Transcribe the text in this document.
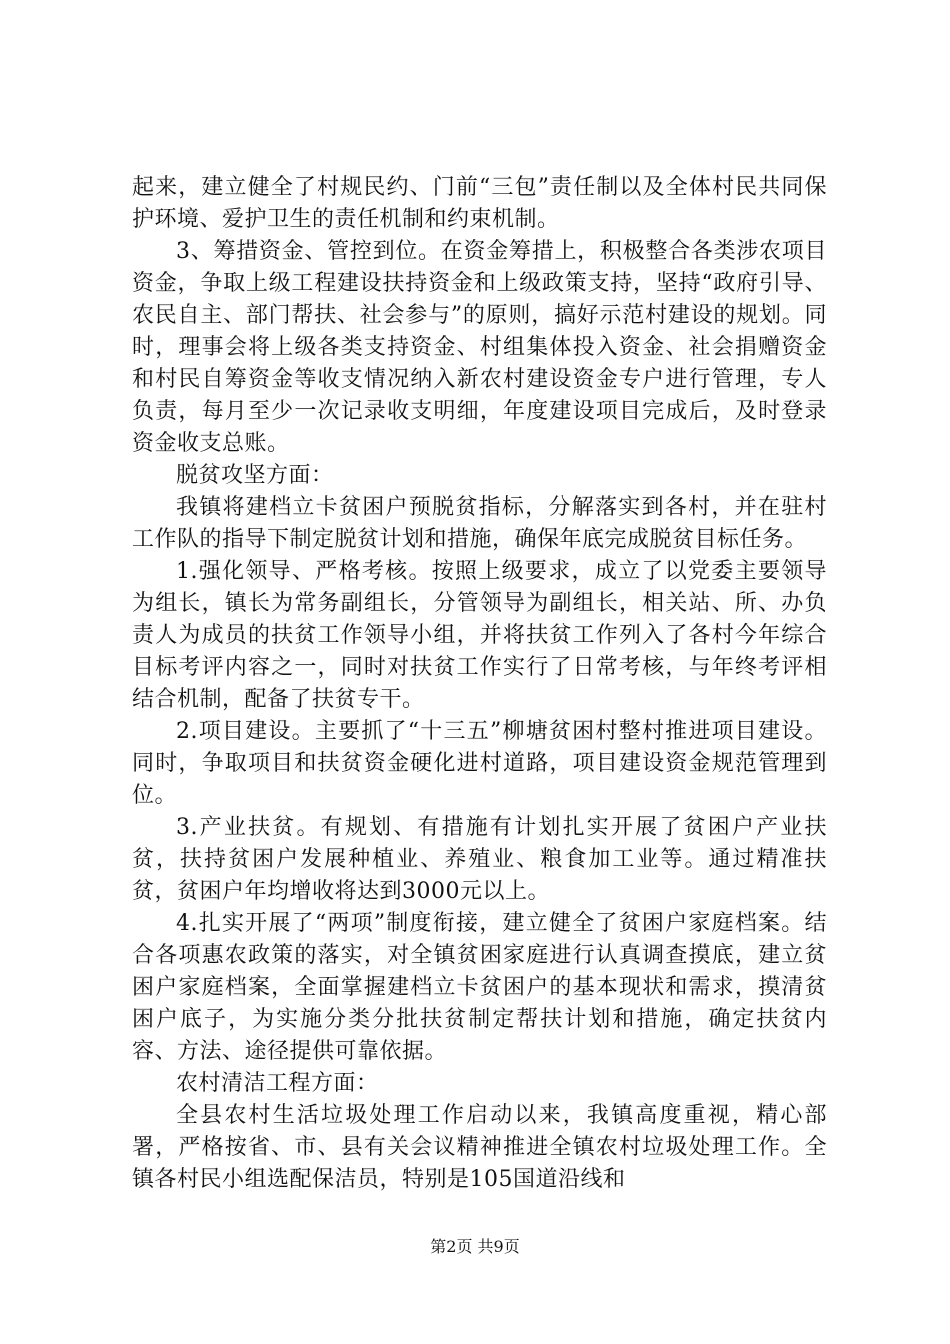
起来，建立健全了村规民约、门前“三包”责任制以及全体村民共同保护环境、爱护卫生的责任机制和约束机制。

3、筹措资金、管控到位。在资金筹措上，积极整合各类涉农项目资金，争取上级工程建设扶持资金和上级政策支持，坚持“政府引导、农民自主、部门帮扶、社会参与”的原则，搞好示范村建设的规划。同时，理事会将上级各类支持资金、村组集体投入资金、社会捐赠资金和村民自筹资金等收支情况纳入新农村建设资金专户进行管理，专人负责，每月至少一次记录收支明细，年度建设项目完成后，及时登录资金收支总账。

脱贫攻坚方面：

我镇将建档立卡贫困户预脱贫指标，分解落实到各村，并在驻村工作队的指导下制定脱贫计划和措施，确保年底完成脱贫目标任务。

1.强化领导、严格考核。按照上级要求，成立了以党委主要领导为组长，镇长为常务副组长，分管领导为副组长，相关站、所、办负责人为成员的扶贫工作领导小组，并将扶贫工作列入了各村今年综合目标考评内容之一，同时对扶贫工作实行了日常考核，与年终考评相结合机制，配备了扶贫专干。

2.项目建设。主要抓了“十三五”柳塘贫困村整村推进项目建设。同时，争取项目和扶贫资金硬化进村道路，项目建设资金规范管理到位。

3.产业扶贫。有规划、有措施有计划扎实开展了贫困户产业扶贫，扶持贫困户发展种植业、养殖业、粮食加工业等。通过精准扶贫，贫困户年均增收将达到3000元以上。

4.扎实开展了“两项”制度衔接，建立健全了贫困户家庭档案。结合各项惠农政策的落实，对全镇贫困家庭进行认真调查摸底，建立贫困户家庭档案，全面掌握建档立卡贫困户的基本现状和需求，摸清贫困户底子，为实施分类分批扶贫制定帮扶计划和措施，确定扶贫内容、方法、途径提供可靠依据。

农村清洁工程方面：

全县农村生活垃圾处理工作启动以来，我镇高度重视，精心部署，严格按省、市、县有关会议精神推进全镇农村垃圾处理工作。全镇各村民小组选配保洁员，特别是105国道沿线和

第2页 共9页
